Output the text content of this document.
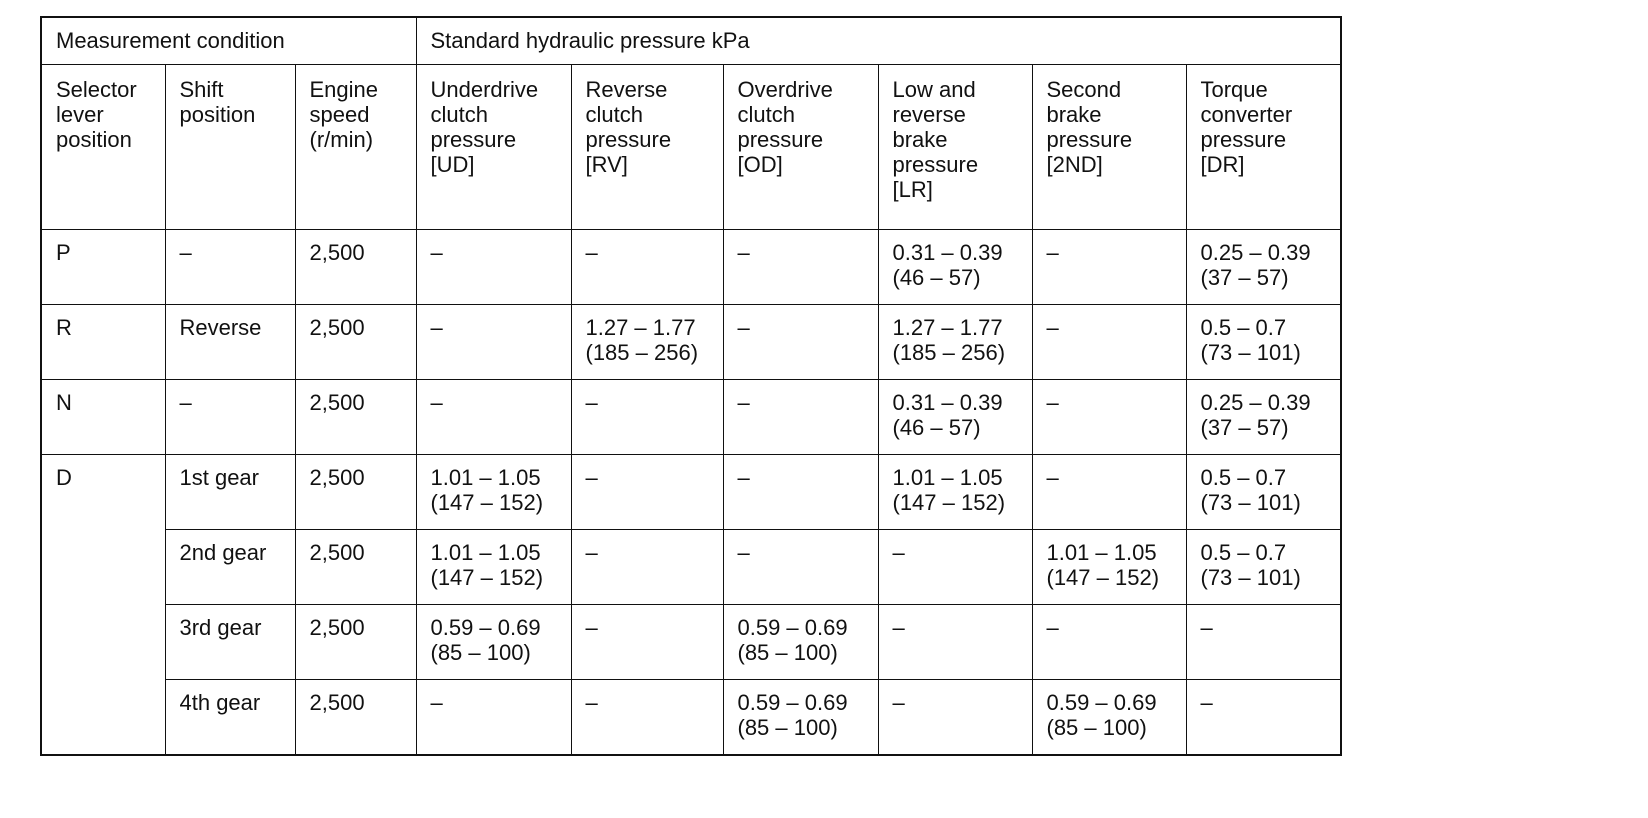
Measurement condition			Standard hydraulic pressure kPa					

Selector
lever
position	Shift
position	Engine
speed
(r/min)	Underdrive
clutch
pressure
[UD]	Reverse
clutch
pressure
[RV]	Overdrive
clutch
pressure
[OD]	Low and
reverse
brake
pressure
[LR]	Second
brake
pressure
[2ND]	Torque
converter
pressure
[DR]

P	–	2,500	–	–	–	0.31 – 0.39
(46 – 57)	–	0.25 – 0.39
(37 – 57)

R	Reverse	2,500	–	1.27 – 1.77
(185 – 256)	–	1.27 – 1.77
(185 – 256)	–	0.5 – 0.7
(73 – 101)

N	–	2,500	–	–	–	0.31 – 0.39
(46 – 57)	–	0.25 – 0.39
(37 – 57)

D	1st gear	2,500	1.01 – 1.05
(147 – 152)	–	–	1.01 – 1.05
(147 – 152)	–	0.5 – 0.7
(73 – 101)

	2nd gear	2,500	1.01 – 1.05
(147 – 152)	–	–	–	1.01 – 1.05
(147 – 152)	0.5 – 0.7
(73 – 101)

	3rd gear	2,500	0.59 – 0.69
(85 – 100)	–	0.59 – 0.69
(85 – 100)	–	–	–

	4th gear	2,500	–	–	0.59 – 0.69
(85 – 100)	–	0.59 – 0.69
(85 – 100)	–
